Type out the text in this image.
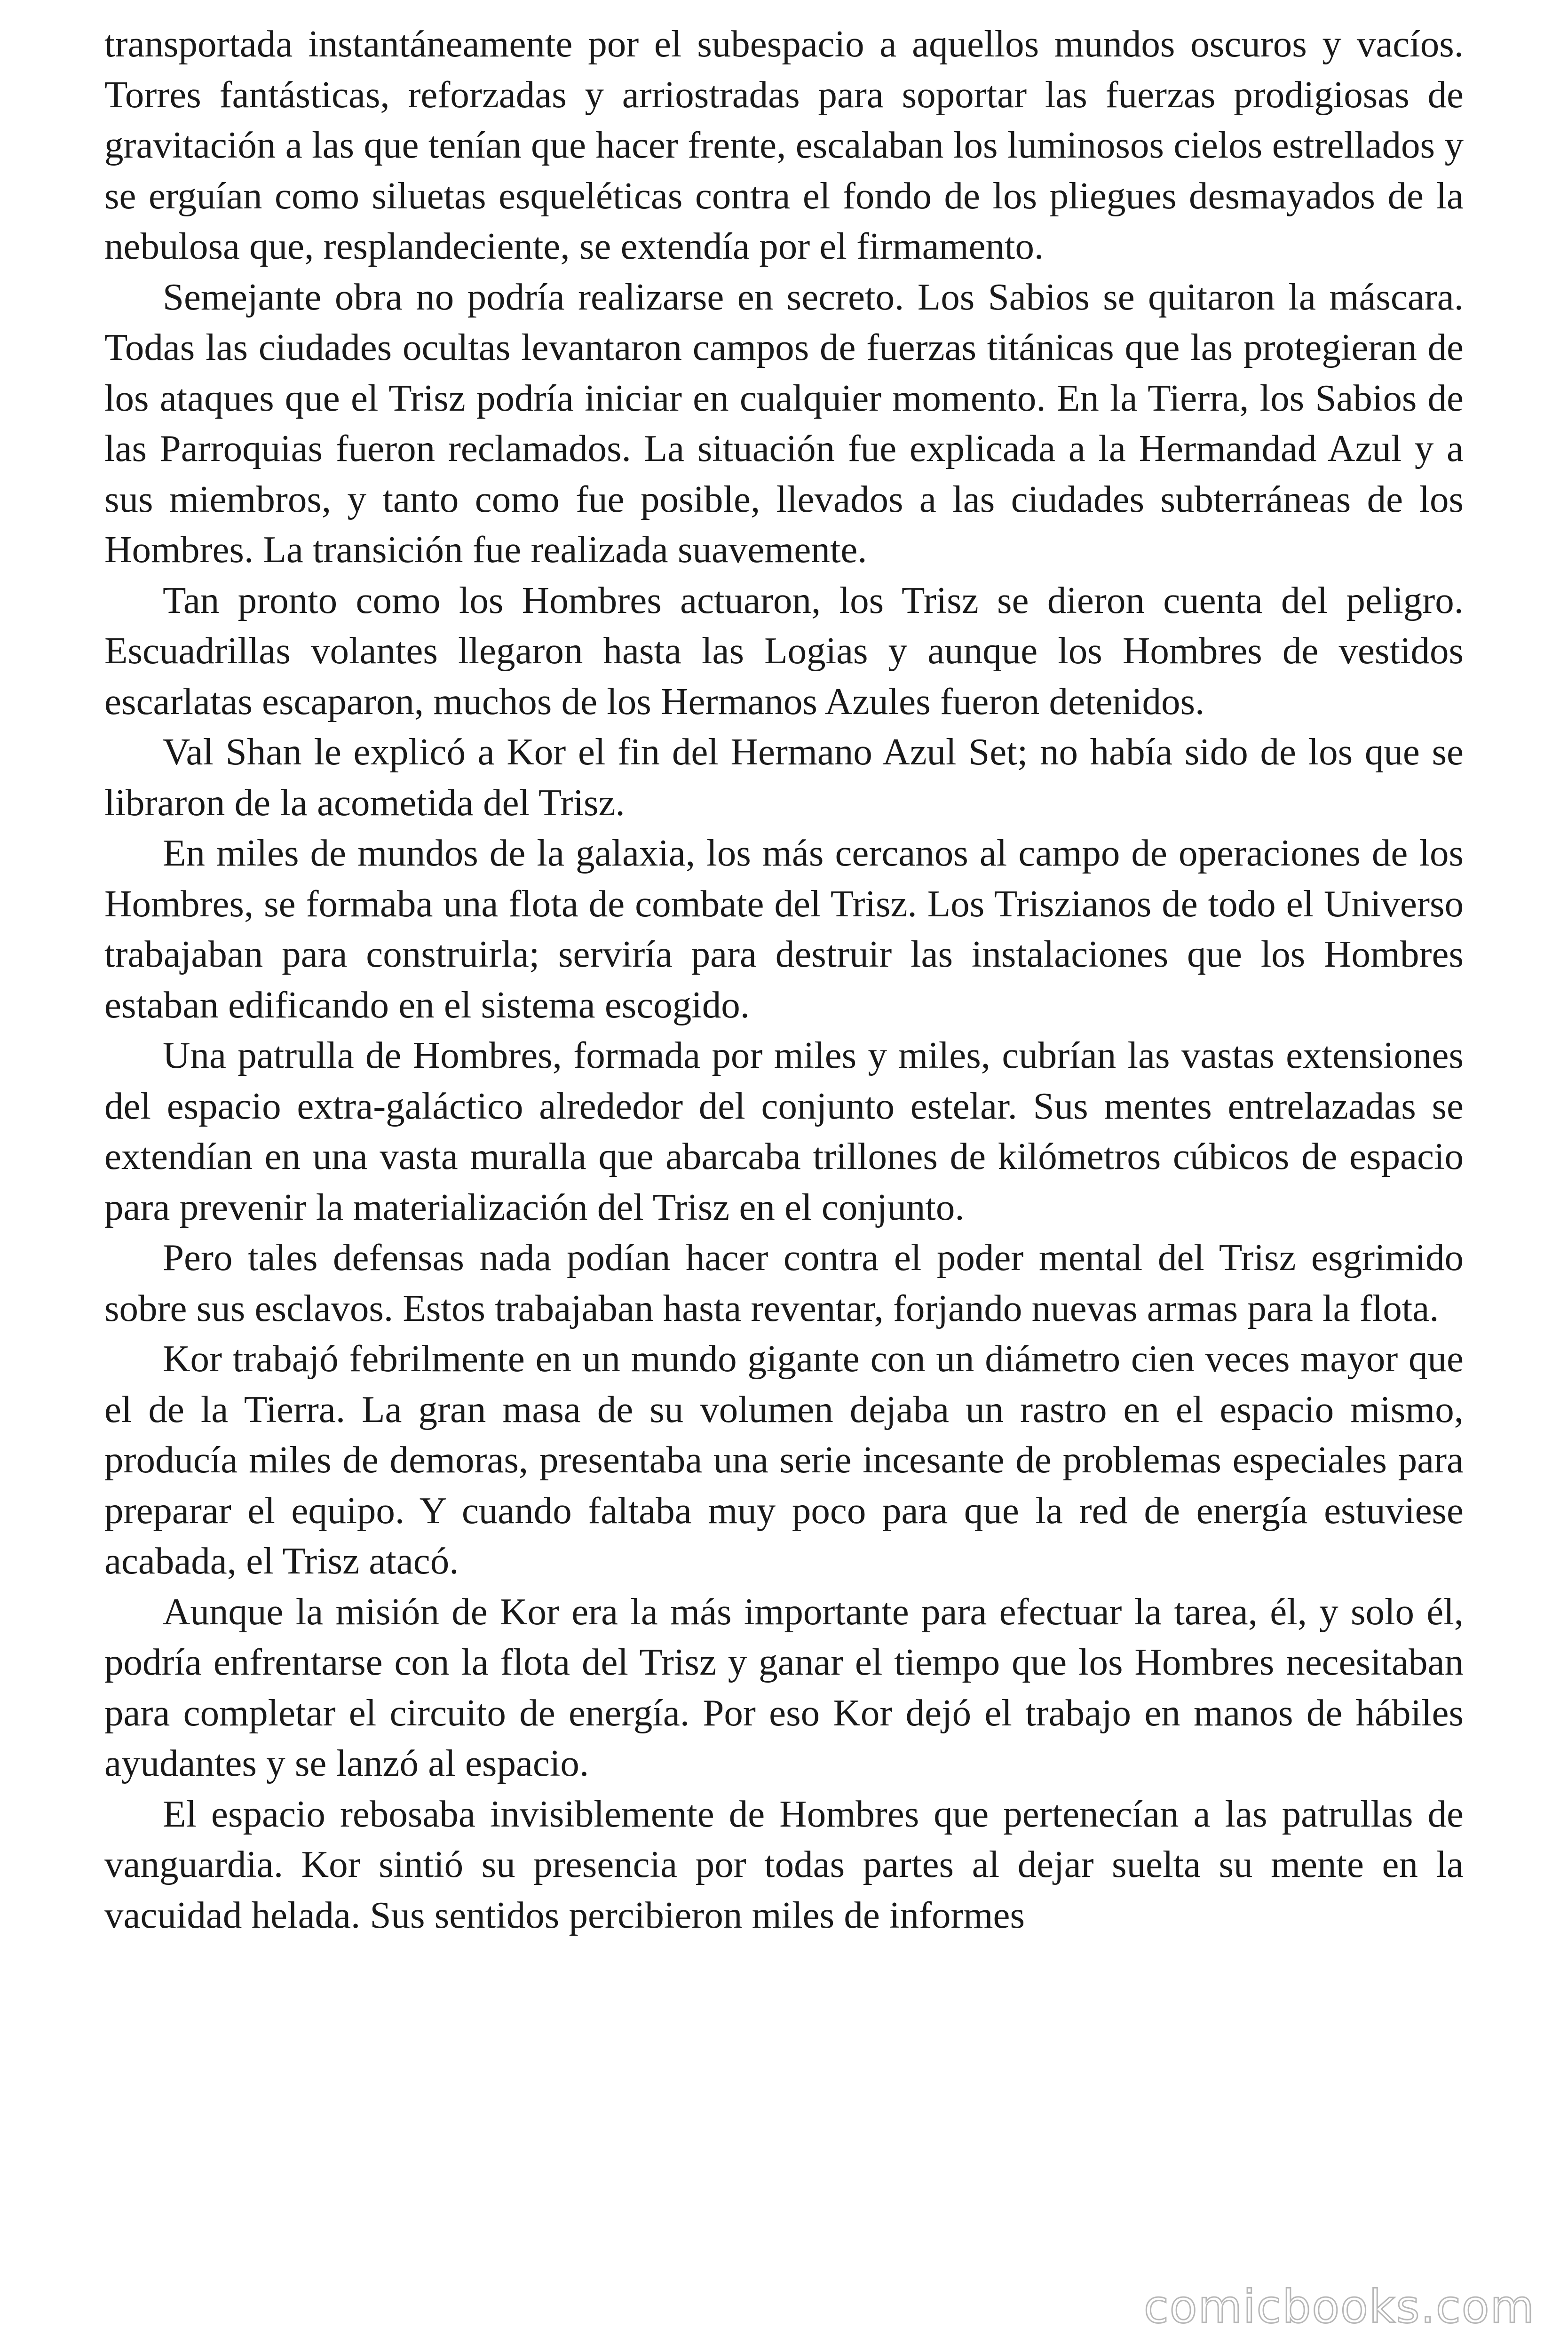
transportada instantáneamente por el subespacio a aquellos mundos oscuros y vacíos. Torres fantásticas, reforzadas y arriostradas para soportar las fuerzas prodigiosas de gravitación a las que tenían que hacer frente, escalaban los luminosos cielos estrellados y se erguían como siluetas esqueléticas contra el fondo de los pliegues desmayados de la nebulosa que, resplandeciente, se extendía por el firmamento.

Semejante obra no podría realizarse en secreto. Los Sabios se quitaron la máscara. Todas las ciudades ocultas levantaron campos de fuerzas titánicas que las protegieran de los ataques que el Trisz podría iniciar en cualquier momento. En la Tierra, los Sabios de las Parroquias fueron reclamados. La situación fue explicada a la Hermandad Azul y a sus miembros, y tanto como fue posible, llevados a las ciudades subterráneas de los Hombres. La transición fue realizada suavemente.

Tan pronto como los Hombres actuaron, los Trisz se dieron cuenta del peligro. Escuadrillas volantes llegaron hasta las Logias y aunque los Hombres de vestidos escarlatas escaparon, muchos de los Hermanos Azules fueron detenidos.

Val Shan le explicó a Kor el fin del Hermano Azul Set; no había sido de los que se libraron de la acometida del Trisz.

En miles de mundos de la galaxia, los más cercanos al campo de operaciones de los Hombres, se formaba una flota de combate del Trisz. Los Triszianos de todo el Universo trabajaban para construirla; serviría para destruir las instalaciones que los Hombres estaban edificando en el sistema escogido.

Una patrulla de Hombres, formada por miles y miles, cubrían las vastas extensiones del espacio extra-galáctico alrededor del conjunto estelar. Sus mentes entrelazadas se extendían en una vasta muralla que abarcaba trillones de kilómetros cúbicos de espacio para prevenir la materialización del Trisz en el conjunto.

Pero tales defensas nada podían hacer contra el poder mental del Trisz esgrimido sobre sus esclavos. Estos trabajaban hasta reventar, forjando nuevas armas para la flota.

Kor trabajó febrilmente en un mundo gigante con un diámetro cien veces mayor que el de la Tierra. La gran masa de su volumen dejaba un rastro en el espacio mismo, producía miles de demoras, presentaba una serie incesante de problemas especiales para preparar el equipo. Y cuando faltaba muy poco para que la red de energía estuviese acabada, el Trisz atacó.

Aunque la misión de Kor era la más importante para efectuar la tarea, él, y solo él, podría enfrentarse con la flota del Trisz y ganar el tiempo que los Hombres necesitaban para completar el circuito de energía. Por eso Kor dejó el trabajo en manos de hábiles ayudantes y se lanzó al espacio.

El espacio rebosaba invisiblemente de Hombres que pertenecían a las patrullas de vanguardia. Kor sintió su presencia por todas partes al dejar suelta su mente en la vacuidad helada. Sus sentidos percibieron miles de informes

comicbooks.com
